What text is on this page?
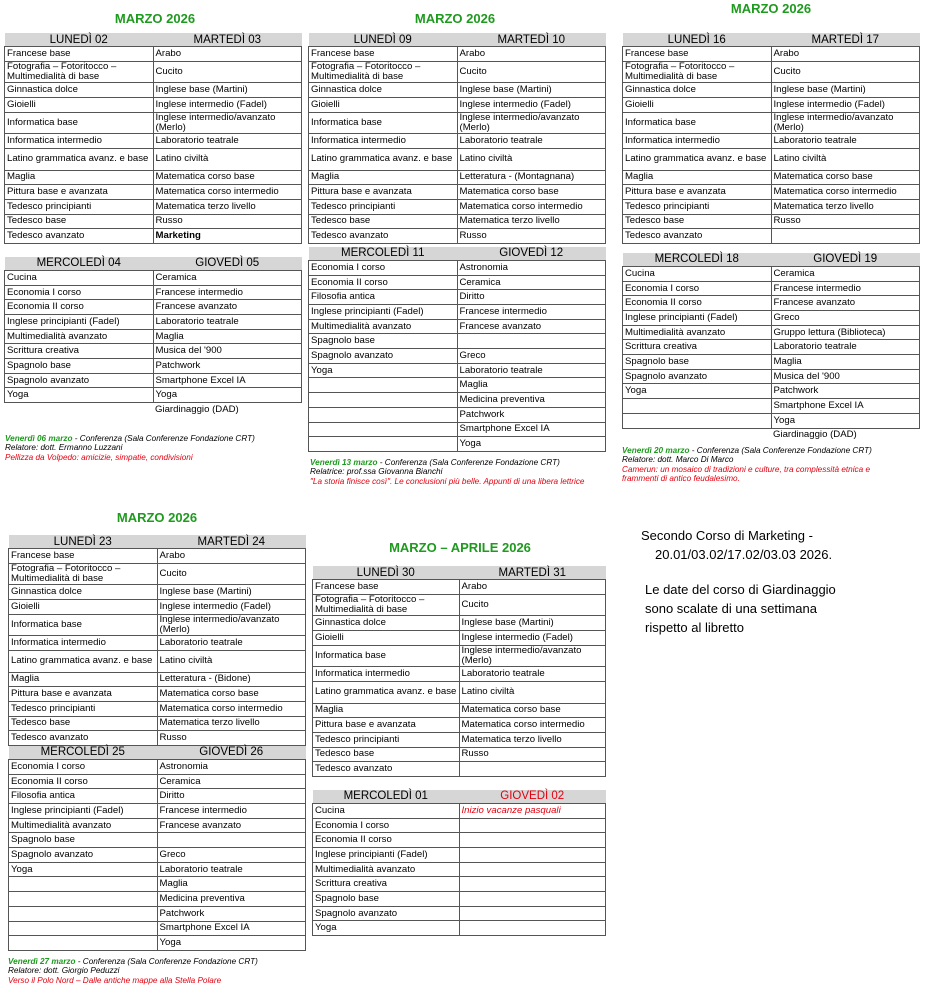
MARZO 2026
LUNEDÌ 02	MARTEDÌ 03
Francese base	Arabo
Fotografia – Fotoritocco – Multimedialità di base	Cucito
Ginnastica dolce	Inglese base (Martini)
Gioielli	Inglese intermedio (Fadel)
Informatica base	Inglese intermedio/avanzato (Merlo)
Informatica intermedio	Laboratorio teatrale
Latino grammatica avanz. e base	Latino civiltà
Maglia	Matematica corso base
Pittura base e avanzata	Matematica corso intermedio
Tedesco principianti	Matematica terzo livello
Tedesco base	Russo
Tedesco avanzato	Marketing
MERCOLEDÌ 04	GIOVEDÌ 05
Cucina	Ceramica
Economia I corso	Francese intermedio
Economia II corso	Francese avanzato
Inglese principianti (Fadel)	Laboratorio teatrale
Multimedialità avanzato	Maglia
Scrittura creativa	Musica del '900
Spagnolo base	Patchwork
Spagnolo avanzato	Smartphone Excel IA
Yoga	Yoga
	Giardinaggio (DAD)
Venerdì 06 marzo - Conferenza (Sala Conferenze Fondazione CRT)
Relatore: dott. Ermanno Luzzani
Pellizza da Volpedo: amicizie, simpatie, condivisioni
MARZO 2026
LUNEDÌ 09	MARTEDÌ 10
Francese base	Arabo
Fotografia – Fotoritocco – Multimedialità di base	Cucito
Ginnastica dolce	Inglese base (Martini)
Gioielli	Inglese intermedio (Fadel)
Informatica base	Inglese intermedio/avanzato (Merlo)
Informatica intermedio	Laboratorio teatrale
Latino grammatica avanz. e base	Latino civiltà
Maglia	Letteratura - (Montagnana)
Pittura base e avanzata	Matematica corso base
Tedesco principianti	Matematica corso intermedio
Tedesco base	Matematica terzo livello
Tedesco avanzato	Russo
MERCOLEDÌ 11	GIOVEDÌ 12
Economia I corso	Astronomia
Economia II corso	Ceramica
Filosofia antica	Diritto
Inglese principianti (Fadel)	Francese intermedio
Multimedialità avanzato	Francese avanzato
Spagnolo base	
Spagnolo avanzato	Greco
Yoga	Laboratorio teatrale
	Maglia
	Medicina preventiva
	Patchwork
	Smartphone Excel IA
	Yoga
Venerdì 13 marzo - Conferenza (Sala Conferenze Fondazione CRT)
Relatrice: prof.ssa Giovanna Bianchi
"La storia finisce così". Le conclusioni più belle. Appunti di una libera lettrice
MARZO 2026
LUNEDÌ 16	MARTEDÌ 17
Francese base	Arabo
Fotografia – Fotoritocco – Multimedialità di base	Cucito
Ginnastica dolce	Inglese base (Martini)
Gioielli	Inglese intermedio (Fadel)
Informatica base	Inglese intermedio/avanzato (Merlo)
Informatica intermedio	Laboratorio teatrale
Latino grammatica avanz. e base	Latino civiltà
Maglia	Matematica corso base
Pittura base e avanzata	Matematica corso intermedio
Tedesco principianti	Matematica terzo livello
Tedesco base	Russo
Tedesco avanzato	
MERCOLEDÌ 18	GIOVEDÌ 19
Cucina	Ceramica
Economia I corso	Francese intermedio
Economia II corso	Francese avanzato
Inglese principianti (Fadel)	Greco
Multimedialità avanzato	Gruppo lettura (Biblioteca)
Scrittura creativa	Laboratorio teatrale
Spagnolo base	Maglia
Spagnolo avanzato	Musica del '900
Yoga	Patchwork
	Smartphone Excel IA
	Yoga
	Giardinaggio (DAD)
Venerdì 20 marzo - Conferenza (Sala Conferenze Fondazione CRT)
Relatore: dott. Marco Di Marco
Camerun: un mosaico di tradizioni e culture, tra complessità etnica e
frammenti di antico feudalesimo.
MARZO 2026
LUNEDÌ 23	MARTEDÌ 24
Francese base	Arabo
Fotografia – Fotoritocco – Multimedialità di base	Cucito
Ginnastica dolce	Inglese base (Martini)
Gioielli	Inglese intermedio (Fadel)
Informatica base	Inglese intermedio/avanzato (Merlo)
Informatica intermedio	Laboratorio teatrale
Latino grammatica avanz. e base	Latino civiltà
Maglia	Letteratura - (Bidone)
Pittura base e avanzata	Matematica corso base
Tedesco principianti	Matematica corso intermedio
Tedesco base	Matematica terzo livello
Tedesco avanzato	Russo
MERCOLEDÌ 25	GIOVEDÌ 26
Economia I corso	Astronomia
Economia II corso	Ceramica
Filosofia antica	Diritto
Inglese principianti (Fadel)	Francese intermedio
Multimedialità avanzato	Francese avanzato
Spagnolo base	
Spagnolo avanzato	Greco
Yoga	Laboratorio teatrale
	Maglia
	Medicina preventiva
	Patchwork
	Smartphone Excel IA
	Yoga
Venerdì 27 marzo - Conferenza (Sala Conferenze Fondazione CRT)
Relatore: dott. Giorgio Peduzzi
Verso il Polo Nord – Dalle antiche mappe alla Stella Polare
MARZO – APRILE 2026
LUNEDÌ 30	MARTEDÌ 31
Francese base	Arabo
Fotografia – Fotoritocco – Multimedialità di base	Cucito
Ginnastica dolce	Inglese base (Martini)
Gioielli	Inglese intermedio (Fadel)
Informatica base	Inglese intermedio/avanzato (Merlo)
Informatica intermedio	Laboratorio teatrale
Latino grammatica avanz. e base	Latino civiltà
Maglia	Matematica corso base
Pittura base e avanzata	Matematica corso intermedio
Tedesco principianti	Matematica terzo livello
Tedesco base	Russo
Tedesco avanzato	
MERCOLEDÌ 01	GIOVEDÌ 02
Cucina	Inizio vacanze pasquali
Economia I corso	
Economia II corso	
Inglese principianti (Fadel)	
Multimedialità avanzato	
Scrittura creativa	
Spagnolo base	
Spagnolo avanzato	
Yoga	
Secondo Corso di Marketing -
20.01/03.02/17.02/03.03 2026.
Le date del corso di Giardinaggio
sono scalate di una settimana
rispetto al libretto
